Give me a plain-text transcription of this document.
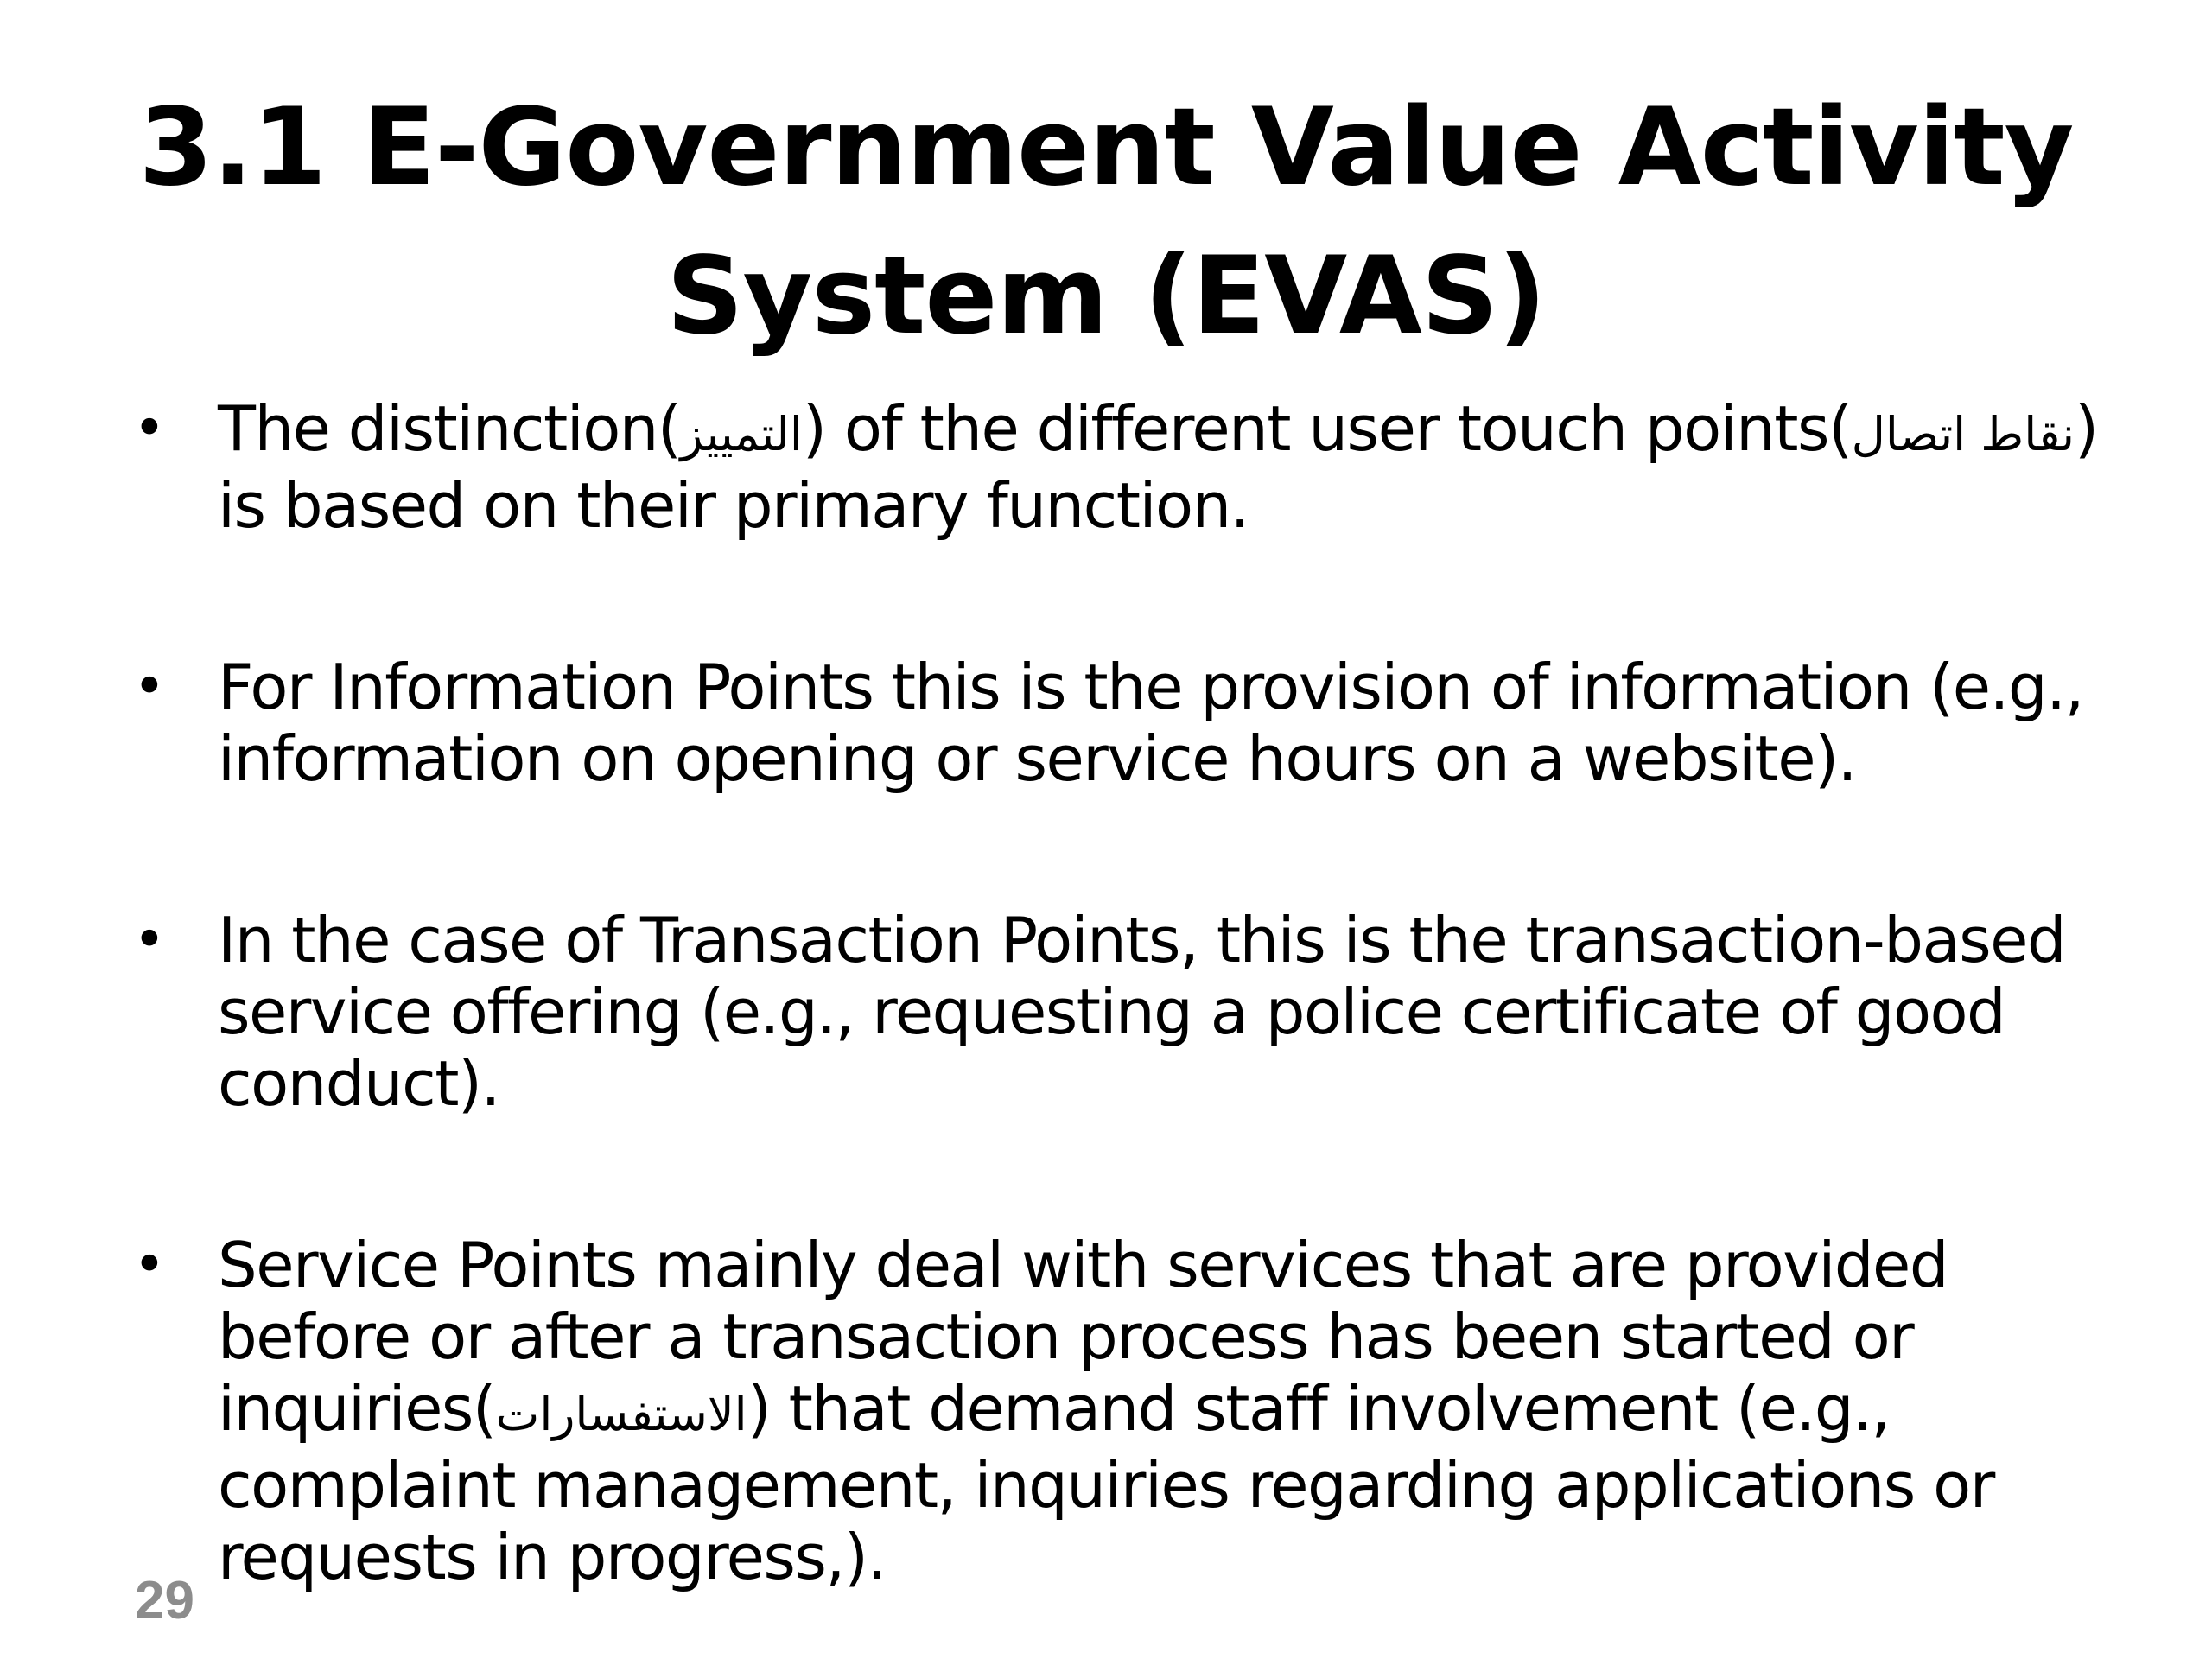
3.1 E-Government Value Activity
System (EVAS)
• The distinction(التمييز) of the different user touch points(نقاط اتصال) is based on their primary function.
• For Information Points this is the provision of information (e.g., information on opening or service hours on a website).
• In the case of Transaction Points, this is the transaction-based service offering (e.g., requesting a police certificate of good conduct).
• Service Points mainly deal with services that are provided before or after a transaction process has been started or inquiries(الاستفسارات) that demand staff involvement (e.g., complaint management, inquiries regarding applications or requests in progress,).
29
